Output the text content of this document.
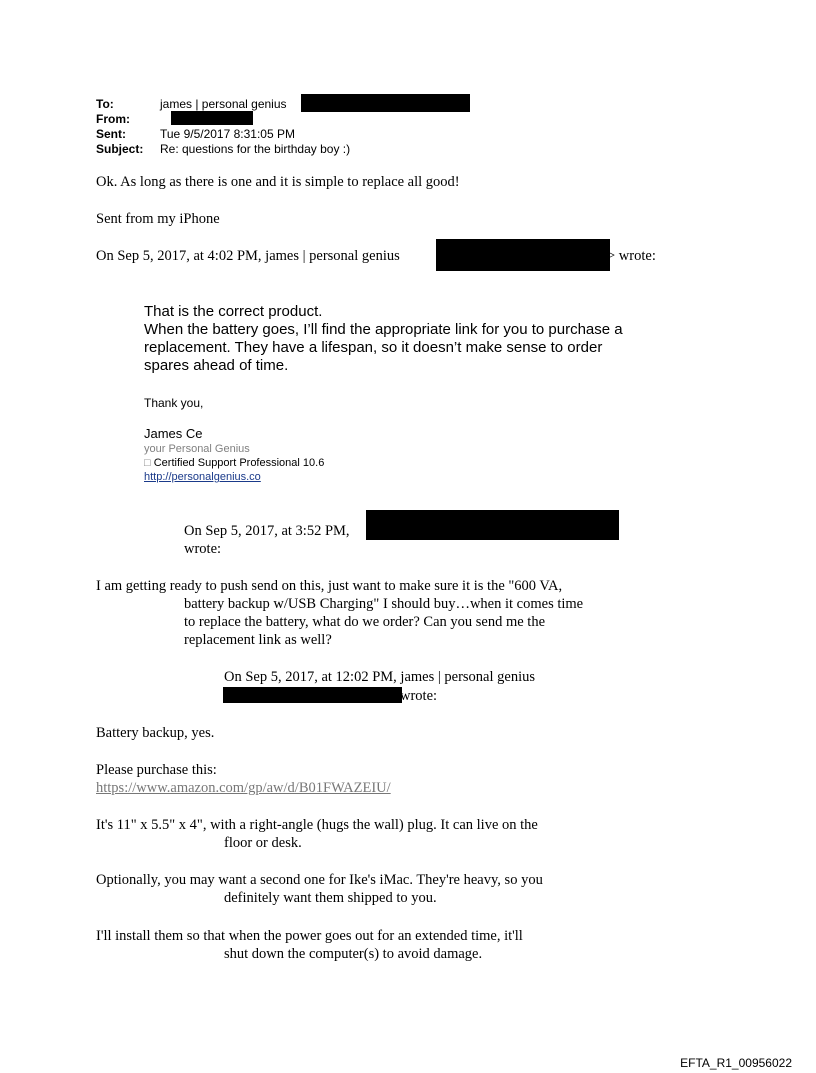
To:	james | personal genius
From:
Sent:	Tue 9/5/2017 8:31:05 PM
Subject: Re: questions for the birthday boy :)
Ok. As long as there is one and it is simple to replace all good!
Sent from my iPhone
On Sep 5, 2017, at 4:02 PM, james | personal genius	> wrote:
That is the correct product.
When the battery goes, I’ll find the appropriate link for you to purchase a
replacement. They have a lifespan, so it doesn’t make sense to order
spares ahead of time.
Thank you,
James Ce
your Personal Genius
□ Certified Support Professional 10.6
http://personalgenius.co
On Sep 5, 2017, at 3:52 PM,
wrote:
I am getting ready to push send on this, just want to make sure it is the "600 VA,
battery backup w/USB Charging" I should buy…when it comes time
to replace the battery, what do we order? Can you send me the
replacement link as well?
On Sep 5, 2017, at 12:02 PM, james | personal genius
wrote:
Battery backup, yes.
Please purchase this:
https://www.amazon.com/gp/aw/d/B01FWAZEIU/
It's 11" x 5.5" x 4", with a right-angle (hugs the wall) plug. It can live on the
floor or desk.
Optionally, you may want a second one for Ike's iMac. They're heavy, so you
definitely want them shipped to you.
I'll install them so that when the power goes out for an extended time, it'll
shut down the computer(s) to avoid damage.
EFTA_R1_00956022
